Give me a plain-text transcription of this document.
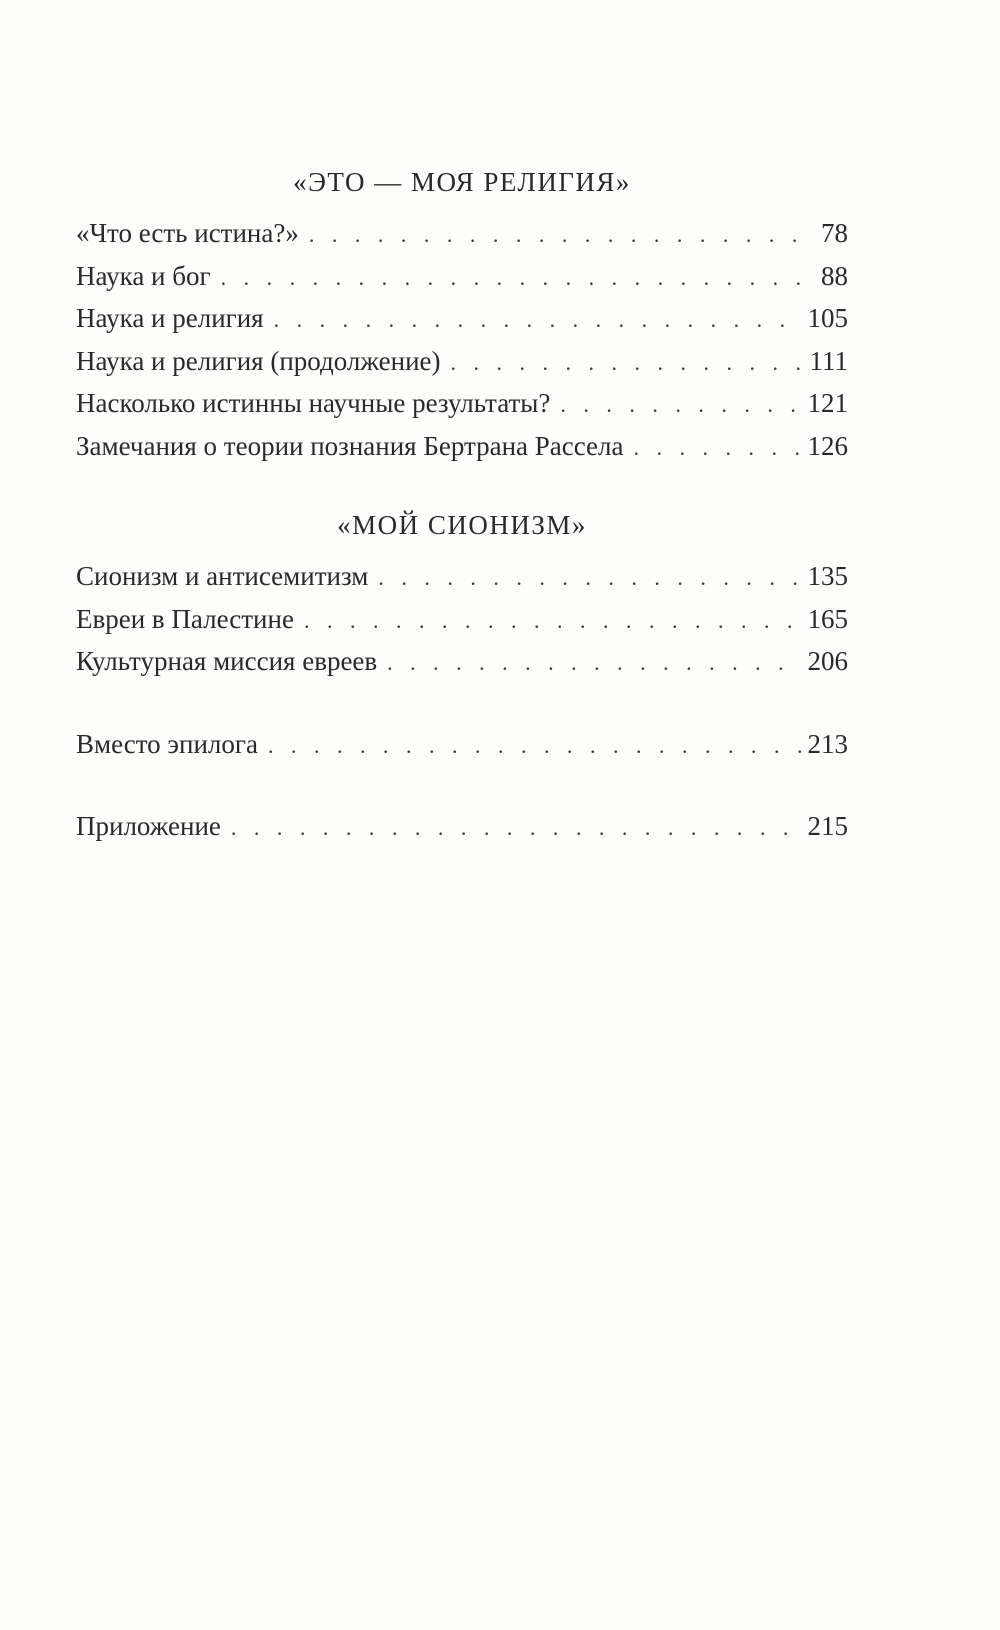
«ЭТО — МОЯ РЕЛИГИЯ»
«Что есть истина?» . . .	78
Наука и бог . . .	88
Наука и религия . . .	105
Наука и религия (продолжение) . . .	111
Насколько истинны научные результаты? . . .	121
Замечания о теории познания Бертрана Рассела . . .	126
«МОЙ СИОНИЗМ»
Сионизм и антисемитизм . . .	135
Евреи в Палестине . . .	165
Культурная миссия евреев . . .	206
Вместо эпилога . . .	213
Приложение . . .	215
